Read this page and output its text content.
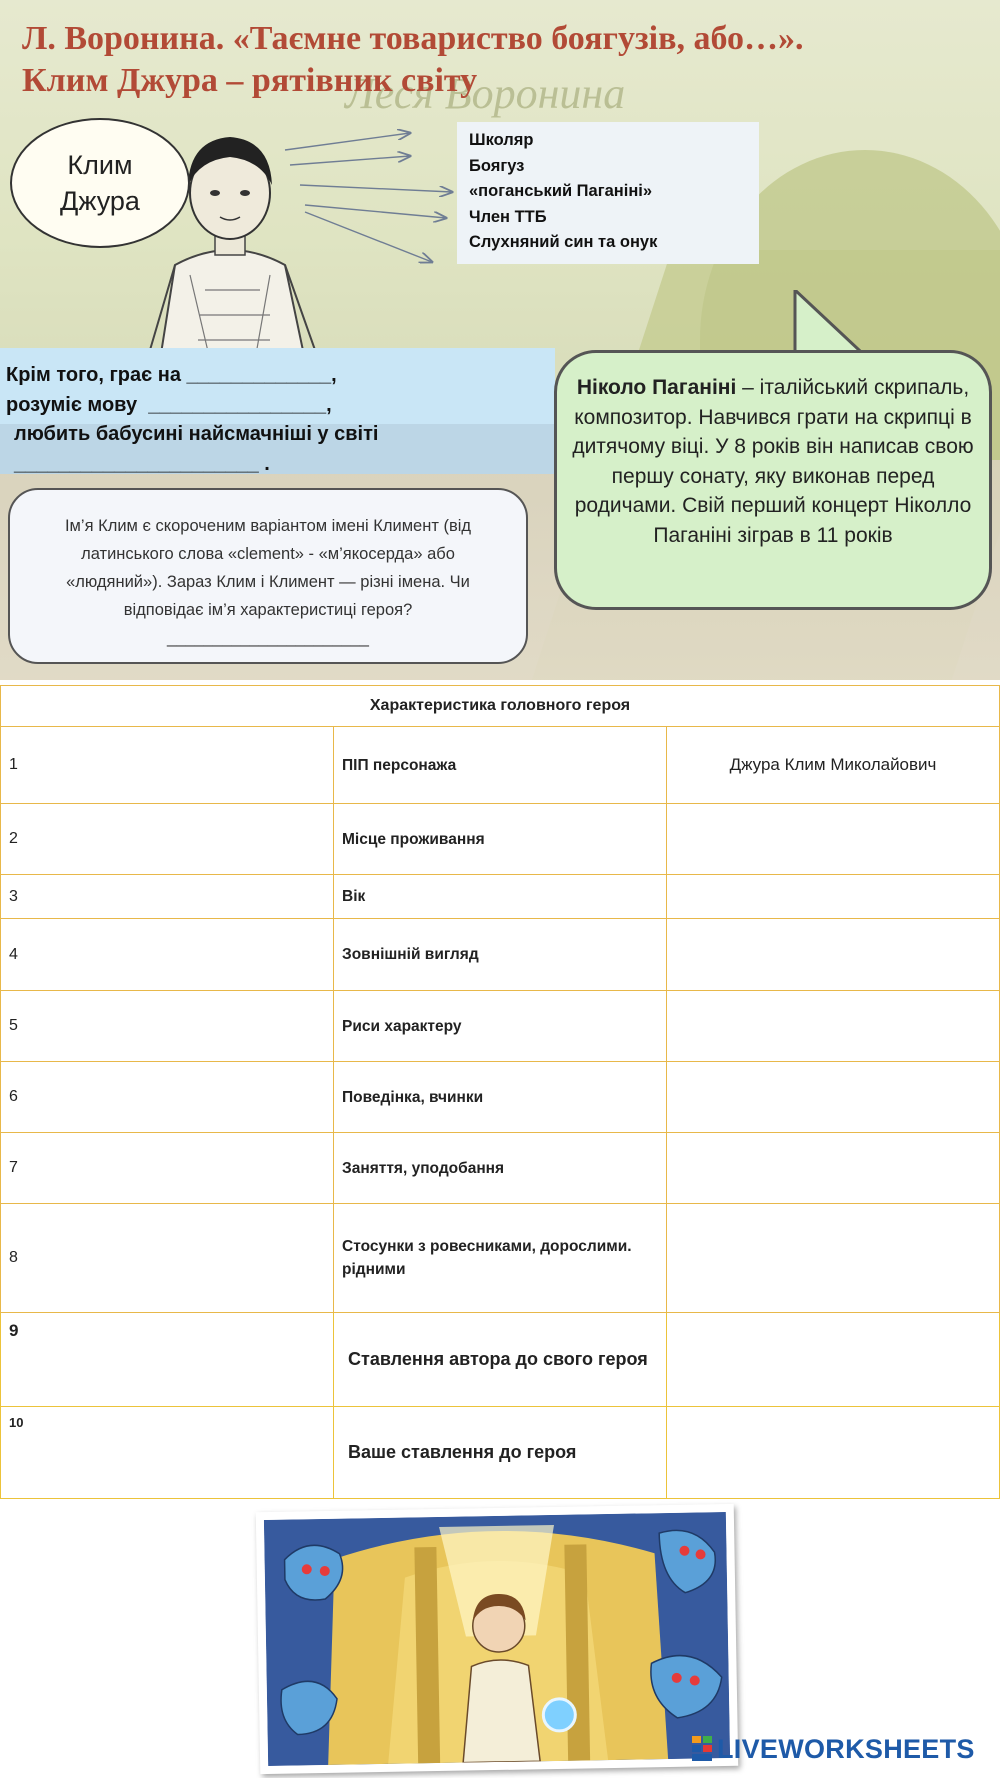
Леся Воронина
Л. Воронина. «Таємне товариство боягузів, або…».
Клим Джура – рятівник світу
Клим Джура
Школяр
Боягуз
«поганський Паганіні»
Член ТТБ
Слухняний син та онук
Крім того, грає на _____________,
розуміє мову  ________________,
любить бабусині найсмачніші у світі
______________________ .
Ніколо Паганіні – італійський скрипаль, композитор. Навчився грати на скрипці в дитячому віці. У 8 років він написав свою першу сонату, яку виконав перед родичами. Свій перший концерт Ніколло Паганіні зіграв в 11 років
Ім’я Клим є скороченим варіантом імені Климент (від латинського слова «clement» - «м’якосерда» або «людяний»). Зараз Клим і Климент — різні імена. Чи відповідає ім’я характеристиці героя? ______________________
Характеристика головного героя		
1	ПІП персонажа	Джура Клим Миколайович
2	Місце проживання	
3	Вік	
4	Зовнішній вигляд	
5	Риси характеру	
6	Поведінка, вчинки	
7	Заняття, уподобання	
8	Стосунки з ровесниками, дорослими. рідними	
9	Ставлення автора до свого героя	
10	Ваше ставлення до героя	
LIVEWORKSHEETS
